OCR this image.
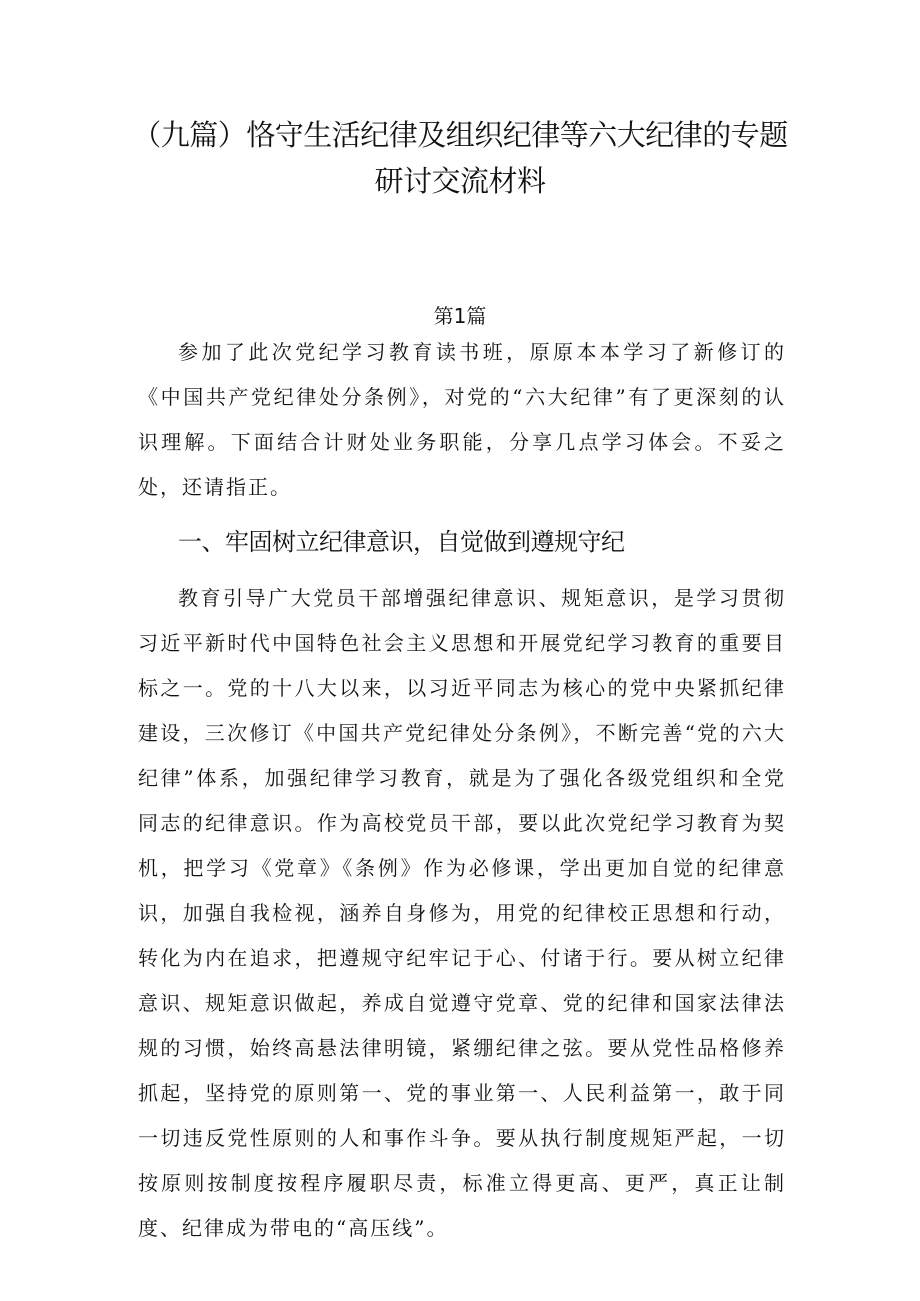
（九篇）恪守生活纪律及组织纪律等六大纪律的专题研讨交流材料
第1篇

参加了此次党纪学习教育读书班，原原本本学习了新修订的《中国共产党纪律处分条例》，对党的“六大纪律”有了更深刻的认识理解。下面结合计财处业务职能，分享几点学习体会。不妥之处，还请指正。

一、牢固树立纪律意识，自觉做到遵规守纪

教育引导广大党员干部增强纪律意识、规矩意识，是学习贯彻习近平新时代中国特色社会主义思想和开展党纪学习教育的重要目标之一。党的十八大以来，以习近平同志为核心的党中央紧抓纪律建设，三次修订《中国共产党纪律处分条例》，不断完善“党的六大纪律”体系，加强纪律学习教育，就是为了强化各级党组织和全党同志的纪律意识。作为高校党员干部，要以此次党纪学习教育为契机，把学习《党章》《条例》作为必修课，学出更加自觉的纪律意识，加强自我检视，涵养自身修为，用党的纪律校正思想和行动，转化为内在追求，把遵规守纪牢记于心、付诸于行。要从树立纪律意识、规矩意识做起，养成自觉遵守党章、党的纪律和国家法律法规的习惯，始终高悬法律明镜，紧绷纪律之弦。要从党性品格修养抓起，坚持党的原则第一、党的事业第一、人民利益第一，敢于同一切违反党性原则的人和事作斗争。要从执行制度规矩严起，一切按原则按制度按程序履职尽责，标准立得更高、更严，真正让制度、纪律成为带电的“高压线”。
